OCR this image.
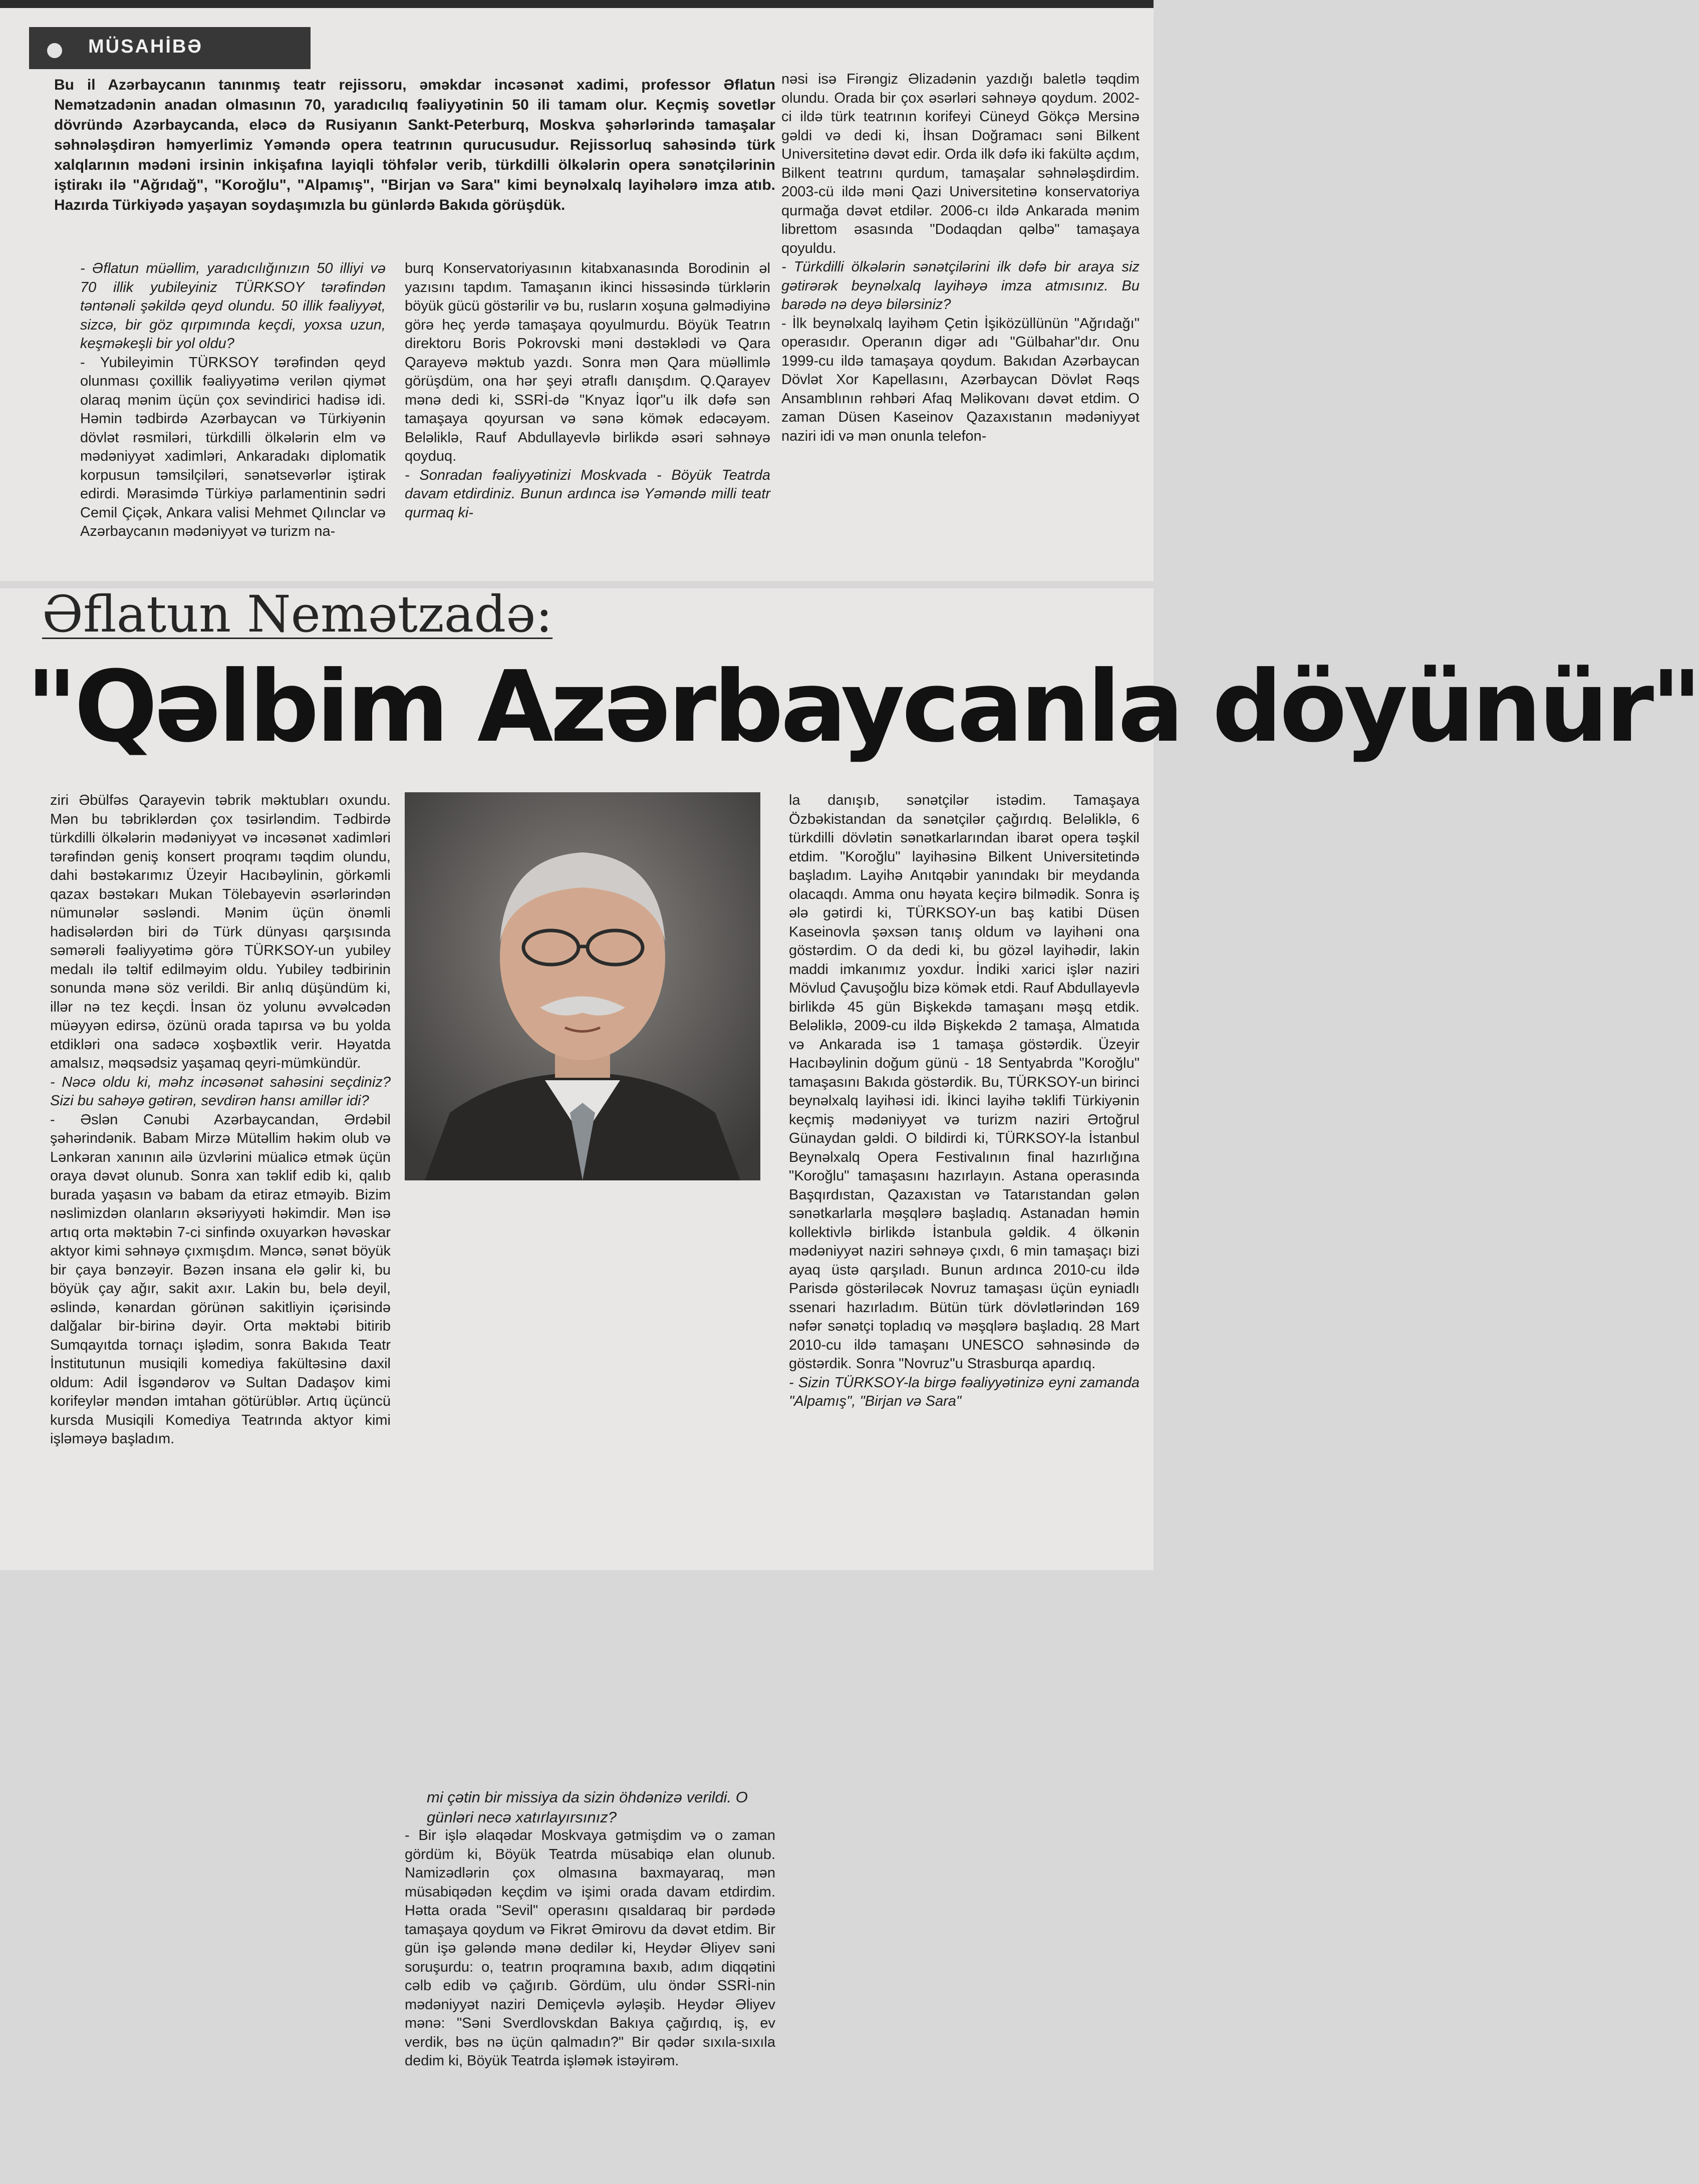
MÜSAHİBƏ

Bu il Azərbaycanın tanınmış teatr rejissoru, əməkdar incəsənət xadimi, professor Əflatun Nemətzadənin anadan olmasının 70, yaradıcılıq fəaliyyətinin 50 ili tamam olur. Keçmiş sovetlər dövründə Azərbaycanda, eləcə də Rusiyanın Sankt-Peterburq, Moskva şəhərlərində tamaşalar səhnələşdirən həmyerlimiz Yəməndə opera teatrının qurucusudur. Rejissorluq sahəsində türk xalqlarının mədəni irsinin inkişafına layiqli töhfələr verib, türkdilli ölkələrin opera sənətçilərinin iştirakı ilə "Ağrıdağ", "Koroğlu", "Alpamış", "Birjan və Sara" kimi beynəlxalq layihələrə imza atıb. Hazırda Türkiyədə yaşayan soydaşımızla bu günlərdə Bakıda görüşdük.

- Əflatun müəllim, yaradıcılığınızın 50 illiyi və 70 illik yubileyiniz TÜRKSOY tərəfindən təntənəli şəkildə qeyd olundu. 50 illik fəaliyyət, sizcə, bir göz qırpımında keçdi, yoxsa uzun, keşməkeşli bir yol oldu?

- Yubileyimin TÜRKSOY tərəfindən qeyd olunması çoxillik fəaliyyətimə verilən qiymət olaraq mənim üçün çox sevindirici hadisə idi. Həmin tədbirdə Azərbaycan və Türkiyənin dövlət rəsmiləri, türkdilli ölkələrin elm və mədəniyyət xadimləri, Ankaradakı diplomatik korpusun təmsilçiləri, sənətsevərlər iştirak edirdi. Mərasimdə Türkiyə parlamentinin sədri Cemil Çiçək, Ankara valisi Mehmet Qılınclar və Azərbaycanın mədəniyyət və turizm na-

burq Konservatoriyasının kitabxanasında Borodinin əl yazısını tapdım. Tamaşanın ikinci hissəsində türklərin böyük gücü göstərilir və bu, rusların xoşuna gəlmədiyinə görə heç yerdə tamaşaya qoyulmurdu. Böyük Teatrın direktoru Boris Pokrovski məni dəstəklədi və Qara Qarayevə məktub yazdı. Sonra mən Qara müəllimlə görüşdüm, ona hər şeyi ətraflı danışdım. Q.Qarayev mənə dedi ki, SSRİ-də "Knyaz İqor"u ilk dəfə sən tamaşaya qoyursan və sənə kömək edəcəyəm. Beləliklə, Rauf Abdullayevlə birlikdə əsəri səhnəyə qoyduq.

- Sonradan fəaliyyətinizi Moskvada - Böyük Teatrda davam etdirdiniz. Bunun ardınca isə Yəməndə milli teatr qurmaq ki-

nəsi isə Firəngiz Əlizadənin yazdığı baletlə təqdim olundu. Orada bir çox əsərləri səhnəyə qoydum. 2002-ci ildə türk teatrının korifeyi Cüneyd Gökçə Mersinə gəldi və dedi ki, İhsan Doğramacı səni Bilkent Universitetinə dəvət edir. Orda ilk dəfə iki fakültə açdım, Bilkent teatrını qurdum, tamaşalar səhnələşdirdim. 2003-cü ildə məni Qazi Universitetinə konservatoriya qurmağa dəvət etdilər. 2006-cı ildə Ankarada mənim librettom əsasında "Dodaqdan qəlbə" tamaşaya qoyuldu.

- Türkdilli ölkələrin sənətçilərini ilk dəfə bir araya siz gətirərək beynəlxalq layihəyə imza atmısınız. Bu barədə nə deyə bilərsiniz?

- İlk beynəlxalq layihəm Çetin İşiközüllünün "Ağrıdağı" operasıdır. Operanın digər adı "Gülbahar"dır. Onu 1999-cu ildə tamaşaya qoydum. Bakıdan Azərbaycan Dövlət Xor Kapellasını, Azərbaycan Dövlət Rəqs Ansamblının rəhbəri Afaq Məlikovanı dəvət etdim. O zaman Düsen Kaseinov Qazaxıstanın mədəniyyət naziri idi və mən onunla telefon-

ziri Əbülfəs Qarayevin təbrik məktubları oxundu. Mən bu təbriklərdən çox təsirləndim. Tədbirdə türkdilli ölkələrin mədəniyyət və incəsənət xadimləri tərəfindən geniş konsert proqramı təqdim olundu, dahi bəstəkarımız Üzeyir Hacıbəylinin, görkəmli qazax bəstəkarı Mukan Tölebayevin əsərlərindən nümunələr səsləndi. Mənim üçün önəmli hadisələrdən biri də Türk dünyası qarşısında səmərəli fəaliyyətimə görə TÜRKSOY-un yubiley medalı ilə təltif edilməyim oldu. Yubiley tədbirinin sonunda mənə söz verildi. Bir anlıq düşündüm ki, illər nə tez keçdi. İnsan öz yolunu əvvəlcədən müəyyən edirsə, özünü orada tapırsa və bu yolda etdikləri ona sadəcə xoşbəxtlik verir. Həyatda amalsız, məqsədsiz yaşamaq qeyri-mümkündür.

- Nəcə oldu ki, məhz incəsənət sahəsini seçdiniz? Sizi bu sahəyə gətirən, sevdirən hansı amillər idi?

- Əslən Cənubi Azərbaycandan, Ərdəbil şəhərindənik. Babam Mirzə Mütəllim həkim olub və Lənkəran xanının ailə üzvlərini müalicə etmək üçün oraya dəvət olunub. Sonra xan təklif edib ki, qalıb burada yaşasın və babam da etiraz etməyib. Bizim nəslimizdən olanların əksəriyyəti həkimdir. Mən isə artıq orta məktəbin 7-ci sinfində oxuyarkən həvəskar aktyor kimi səhnəyə çıxmışdım. Məncə, sənət böyük bir çaya bənzəyir. Bəzən insana elə gəlir ki, bu böyük çay ağır, sakit axır. Lakin bu, belə deyil, əslində, kənardan görünən sakitliyin içərisində dalğalar bir-birinə dəyir. Orta məktəbi bitirib Sumqayıtda tornaçı işlədim, sonra Bakıda Teatr İnstitutunun musiqili komediya fakültəsinə daxil oldum: Adil İsgəndərov və Sultan Dadaşov kimi korifeylər məndən imtahan götürüblər. Artıq üçüncü kursda Musiqili Komediya Teatrında aktyor kimi işləməyə başladım.

mi çətin bir missiya da sizin öhdənizə verildi. O günləri necə xatırlayırsınız?

- Bir işlə əlaqədar Moskvaya gətmişdim və o zaman gördüm ki, Böyük Teatrda müsabiqə elan olunub. Namizədlərin çox olmasına baxmayaraq, mən müsabiqədən keçdim və işimi orada davam etdirdim. Hətta orada "Sevil" operasını qısaldaraq bir pərdədə tamaşaya qoydum və Fikrət Əmirovu da dəvət etdim. Bir gün işə gələndə mənə dedilər ki, Heydər Əliyev səni soruşurdu: o, teatrın proqramına baxıb, adım diqqətini cəlb edib və çağırıb. Gördüm, ulu öndər SSRİ-nin mədəniyyət naziri Demiçevlə əyləşib. Heydər Əliyev mənə: "Səni Sverdlovskdan Bakıya çağırdıq, iş, ev verdik, bəs nə üçün qalmadın?" Bir qədər sıxıla-sıxıla dedim ki, Böyük Teatrda işləmək istəyirəm.

la danışıb, sənətçilər istədim. Tamaşaya Özbəkistandan da sənətçilər çağırdıq. Beləliklə, 6 türkdilli dövlətin sənətkarlarından ibarət opera təşkil etdim. "Koroğlu" layihəsinə Bilkent Universitetində başladım. Layihə Anıtqəbir yanındakı bir meydanda olacaqdı. Amma onu həyata keçirə bilmədik. Sonra iş ələ gətirdi ki, TÜRKSOY-un baş katibi Düsen Kaseinovla şəxsən tanış oldum və layihəni ona göstərdim. O da dedi ki, bu gözəl layihədir, lakin maddi imkanımız yoxdur. İndiki xarici işlər naziri Mövlud Çavuşoğlu bizə kömək etdi. Rauf Abdullayevlə birlikdə 45 gün Bişkekdə tamaşanı məşq etdik. Beləliklə, 2009-cu ildə Bişkekdə 2 tamaşa, Almatıda və Ankarada isə 1 tamaşa göstərdik. Üzeyir Hacıbəylinin doğum günü - 18 Sentyabrda "Koroğlu" tamaşasını Bakıda göstərdik. Bu, TÜRKSOY-un birinci beynəlxalq layihəsi idi. İkinci layihə təklifi Türkiyənin keçmiş mədəniyyət və turizm naziri Ərtoğrul Günaydan gəldi. O bildirdi ki, TÜRKSOY-la İstanbul Beynəlxalq Opera Festivalının final hazırlığına "Koroğlu" tamaşasını hazırlayın. Astana operasında Başqırdıstan, Qazaxıstan və Tatarıstandan gələn sənətkarlarla məşqlərə başladıq. Astanadan həmin kollektivlə birlikdə İstanbula gəldik. 4 ölkənin mədəniyyət naziri səhnəyə çıxdı, 6 min tamaşaçı bizi ayaq üstə qarşıladı. Bunun ardınca 2010-cu ildə Parisdə göstəriləcək Novruz tamaşası üçün eyniadlı ssenari hazırladım. Bütün türk dövlətlərindən 169 nəfər sənətçi topladıq və məşqlərə başladıq. 28 Mart 2010-cu ildə tamaşanı UNESCO səhnəsində də göstərdik. Sonra "Novruz"u Strasburqa apardıq.

- Sizin TÜRKSOY-la birgə fəaliyyətinizə eyni zamanda "Alpamış", "Birjan və Sara"

Əflatun Nemətzadə:
"Qəlbim Azərbaycanla döyünür"
